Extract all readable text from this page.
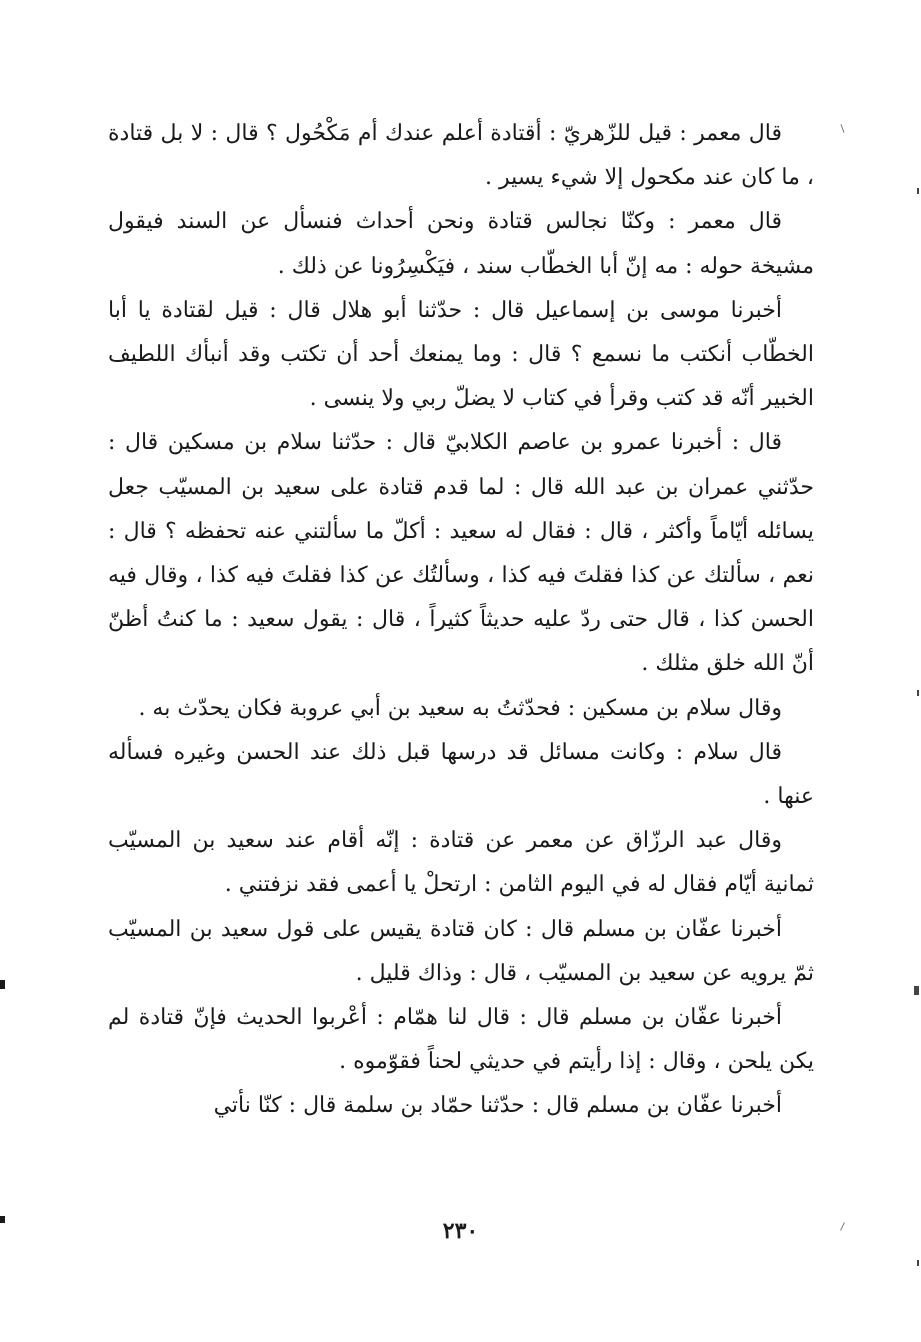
قال معمر : قيل للزّهريّ : أقتادة أعلم عندك أم مَكْحُول ؟ قال : لا بل قتادة ، ما كان عند مكحول إلا شيء يسير .

قال معمر : وكنّا نجالس قتادة ونحن أحداث فنسأل عن السند فيقول مشيخة حوله : مه إنّ أبا الخطّاب سند ، فيَكْسِرُونا عن ذلك .

أخبرنا موسى بن إسماعيل قال : حدّثنا أبو هلال قال : قيل لقتادة يا أبا الخطّاب أنكتب ما نسمع ؟ قال : وما يمنعك أحد أن تكتب وقد أنبأك اللطيف الخبير أنّه قد كتب وقرأ في كتاب لا يضلّ ربي ولا ينسى .

قال : أخبرنا عمرو بن عاصم الكلابيّ قال : حدّثنا سلام بن مسكين قال : حدّثني عمران بن عبد الله قال : لما قدم قتادة على سعيد بن المسيّب جعل يسائله أيّاماً وأكثر ، قال : فقال له سعيد : أكلّ ما سألتني عنه تحفظه ؟ قال : نعم ، سألتك عن كذا فقلتَ فيه كذا ، وسألتُك عن كذا فقلتَ فيه كذا ، وقال فيه الحسن كذا ، قال حتى ردّ عليه حديثاً كثيراً ، قال : يقول سعيد : ما كنتُ أظنّ أنّ الله خلق مثلك .

وقال سلام بن مسكين : فحدّثتُ به سعيد بن أبي عروبة فكان يحدّث به .

قال سلام : وكانت مسائل قد درسها قبل ذلك عند الحسن وغيره فسأله عنها .

وقال عبد الرزّاق عن معمر عن قتادة : إنّه أقام عند سعيد بن المسيّب ثمانية أيّام فقال له في اليوم الثامن : ارتحلْ يا أعمى فقد نزفتني .

أخبرنا عفّان بن مسلم قال : كان قتادة يقيس على قول سعيد بن المسيّب ثمّ يرويه عن سعيد بن المسيّب ، قال : وذاك قليل .

أخبرنا عفّان بن مسلم قال : قال لنا همّام : أعْربوا الحديث فإنّ قتادة لم يكن يلحن ، وقال : إذا رأيتم في حديثي لحناً فقوّموه .

أخبرنا عفّان بن مسلم قال : حدّثنا حمّاد بن سلمة قال : كنّا نأتي

٢٣٠
